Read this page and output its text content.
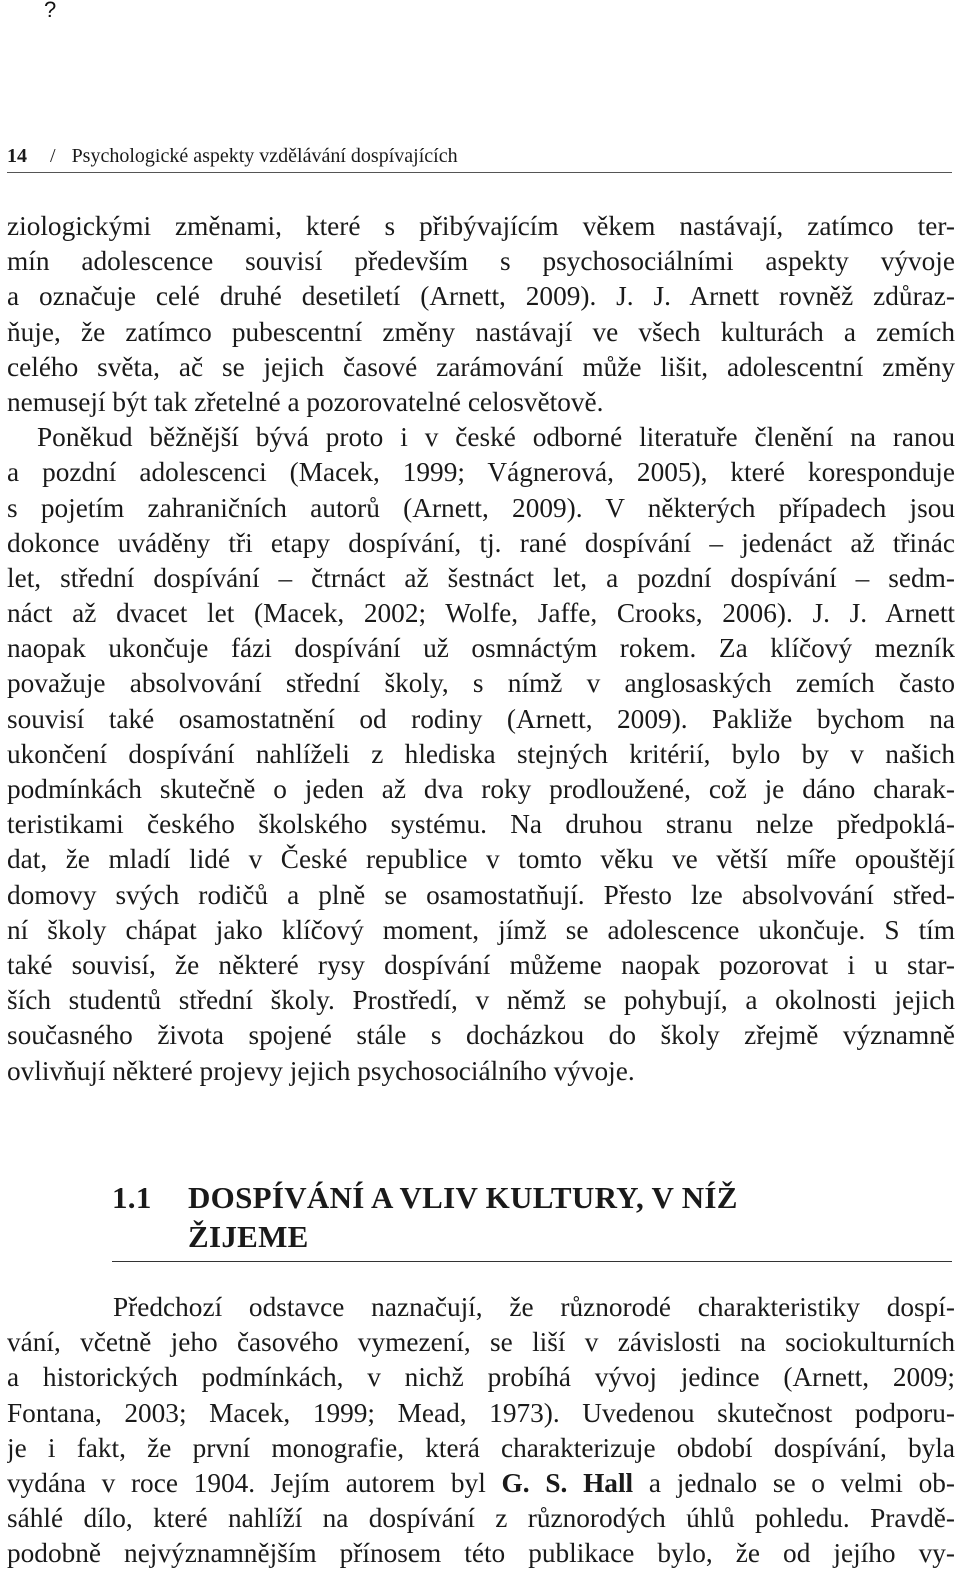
?
14 / Psychologické aspekty vzdělávání dospívajících
ziologickými změnami, které s přibývajícím věkem nastávají, zatímco ter-
mín adolescence souvisí především s psychosociálními aspekty vývoje
a označuje celé druhé desetiletí (Arnett, 2009). J. J. Arnett rovněž zdůraz-
ňuje, že zatímco pubescentní změny nastávají ve všech kulturách a zemích
celého světa, ač se jejich časové zarámování může lišit, adolescentní změny
nemusejí být tak zřetelné a pozorovatelné celosvětově.
Poněkud běžnější bývá proto i v české odborné literatuře členění na ranou
a pozdní adolescenci (Macek, 1999; Vágnerová, 2005), které koresponduje
s pojetím zahraničních autorů (Arnett, 2009). V některých případech jsou
dokonce uváděny tři etapy dospívání, tj. rané dospívání – jedenáct až třinác
let, střední dospívání – čtrnáct až šestnáct let, a pozdní dospívání – sedm-
náct až dvacet let (Macek, 2002; Wolfe, Jaffe, Crooks, 2006). J. J. Arnett
naopak ukončuje fázi dospívání už osmnáctým rokem. Za klíčový mezník
považuje absolvování střední školy, s nímž v anglosaských zemích často
souvisí také osamostatnění od rodiny (Arnett, 2009). Pakliže bychom na
ukončení dospívání nahlíželi z hlediska stejných kritérií, bylo by v našich
podmínkách skutečně o jeden až dva roky prodloužené, což je dáno charak-
teristikami českého školského systému. Na druhou stranu nelze předpoklá-
dat, že mladí lidé v České republice v tomto věku ve větší míře opouštějí
domovy svých rodičů a plně se osamostatňují. Přesto lze absolvování střed-
ní školy chápat jako klíčový moment, jímž se adolescence ukončuje. S tím
také souvisí, že některé rysy dospívání můžeme naopak pozorovat i u star-
ších studentů střední školy. Prostředí, v němž se pohybují, a okolnosti jejich
současného života spojené stále s docházkou do školy zřejmě významně
ovlivňují některé projevy jejich psychosociálního vývoje.
1.1 DOSPÍVÁNÍ A VLIV KULTURY, V NÍŽ
ŽIJEME
Předchozí odstavce naznačují, že různorodé charakteristiky dospí-
vání, včetně jeho časového vymezení, se liší v závislosti na sociokulturních
a historických podmínkách, v nichž probíhá vývoj jedince (Arnett, 2009;
Fontana, 2003; Macek, 1999; Mead, 1973). Uvedenou skutečnost podporu-
je i fakt, že první monografie, která charakterizuje období dospívání, byla
vydána v roce 1904. Jejím autorem byl G. S. Hall a jednalo se o velmi ob-
sáhlé dílo, které nahlíží na dospívání z různorodých úhlů pohledu. Pravdě-
podobně nejvýznamnějším přínosem této publikace bylo, že od jejího vy-
